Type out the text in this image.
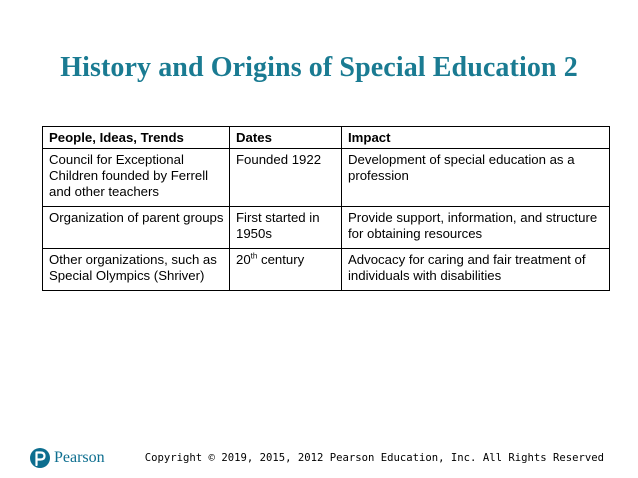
History and Origins of Special Education 2
People, Ideas, Trends	Dates	Impact

Council for Exceptional Children founded by Ferrell and other teachers	Founded 1922	Development of special education as a profession

Organization of parent groups	First started in 1950s	Provide support, information, and structure for obtaining resources

Other organizations, such as Special Olympics (Shriver)	20th century	Advocacy for caring and fair treatment of individuals with disabilities
Pearson	Copyright © 2019, 2015, 2012 Pearson Education, Inc. All Rights Reserved
